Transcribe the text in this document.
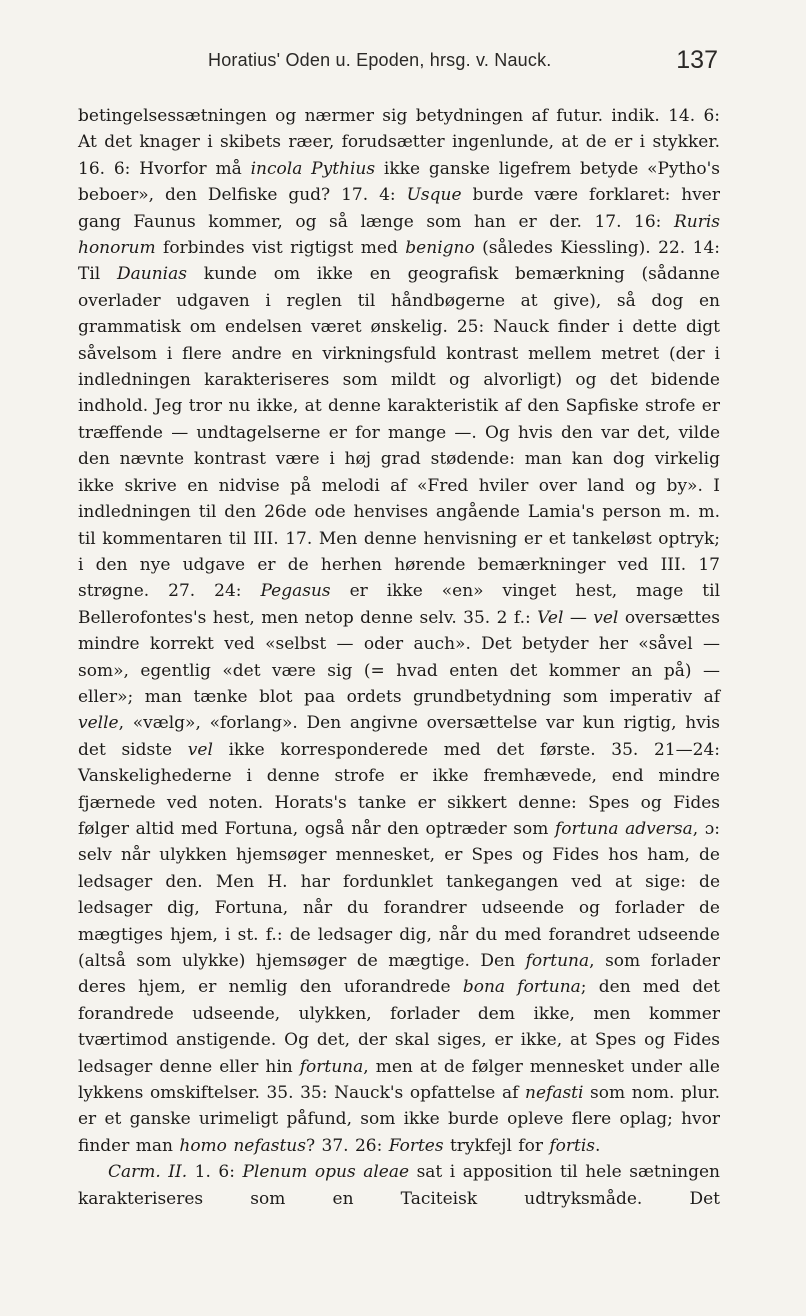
Horatius' Oden u. Epoden, hrsg. v. Nauck.	137

betingelsessætningen og nærmer sig betydningen af futur. indik. 14. 6: At det knager i skibets ræer, forudsætter ingenlunde, at de er i stykker. 16. 6: Hvorfor må incola Pythius ikke ganske ligefrem betyde «Pytho's beboer», den Delfiske gud? 17. 4: Usque burde være forklaret: hver gang Faunus kommer, og så længe som han er der. 17. 16: Ruris honorum forbindes vist rigtigst med benigno (således Kiessling). 22. 14: Til Daunias kunde om ikke en geografisk bemærkning (sådanne overlader udgaven i reglen til håndbøgerne at give), så dog en grammatisk om endelsen været ønskelig. 25: Nauck finder i dette digt såvelsom i flere andre en virkningsfuld kontrast mellem metret (der i indledningen karakteriseres som mildt og alvorligt) og det bidende indhold. Jeg tror nu ikke, at denne karakteristik af den Sapfiske strofe er træffende — undtagelserne er for mange —. Og hvis den var det, vilde den nævnte kontrast være i høj grad stødende: man kan dog virkelig ikke skrive en nidvise på melodi af «Fred hviler over land og by». I indledningen til den 26de ode henvises angående Lamia's person m. m. til kommentaren til III. 17. Men denne henvisning er et tankeløst optryk; i den nye udgave er de herhen hørende bemærkninger ved III. 17 strøgne. 27. 24: Pegasus er ikke «en» vinget hest, mage til Bellerofontes's hest, men netop denne selv. 35. 2 f.: Vel — vel oversættes mindre korrekt ved «selbst — oder auch». Det betyder her «såvel — som», egentlig «det være sig (= hvad enten det kommer an på) — eller»; man tænke blot paa ordets grundbetydning som imperativ af velle, «vælg», «forlang». Den angivne oversættelse var kun rigtig, hvis det sidste vel ikke korresponderede med det første. 35. 21—24: Vanskelighederne i denne strofe er ikke fremhævede, end mindre fjærnede ved noten. Horats's tanke er sikkert denne: Spes og Fides følger altid med Fortuna, også når den optræder som fortuna adversa, ɔ: selv når ulykken hjemsøger mennesket, er Spes og Fides hos ham, de ledsager den. Men H. har fordunklet tankegangen ved at sige: de ledsager dig, Fortuna, når du forandrer udseende og forlader de mægtiges hjem, i st. f.: de ledsager dig, når du med forandret udseende (altså som ulykke) hjemsøger de mægtige. Den fortuna, som forlader deres hjem, er nemlig den uforandrede bona fortuna; den med det forandrede udseende, ulykken, forlader dem ikke, men kommer tværtimod anstigende. Og det, der skal siges, er ikke, at Spes og Fides ledsager denne eller hin fortuna, men at de følger mennesket under alle lykkens omskiftelser. 35. 35: Nauck's opfattelse af nefasti som nom. plur. er et ganske urimeligt påfund, som ikke burde opleve flere oplag; hvor finder man homo nefastus? 37. 26: Fortes trykfejl for fortis.

Carm. II. 1. 6: Plenum opus aleae sat i apposition til hele sætningen karakteriseres som en Taciteisk udtryksmåde. Det
